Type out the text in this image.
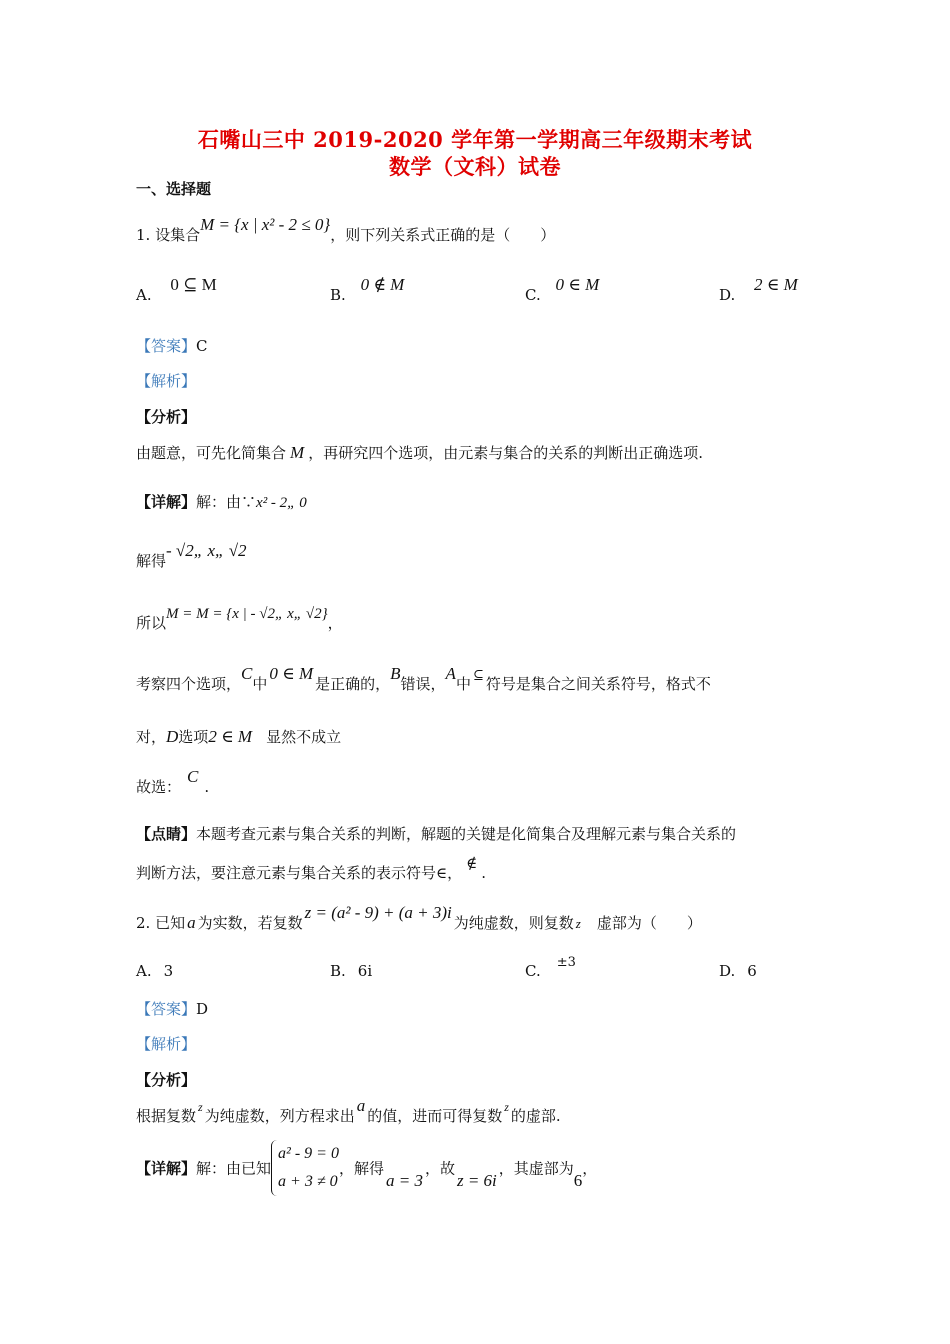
石嘴山三中 2019-2020 学年第一学期高三年级期末考试
数学（文科）试卷
一、选择题
1. 设集合M = {x | x² - 2 ≤ 0}，则下列关系式正确的是（　　）
A. 0 ⊆ M
B. 0 ∉ M
C. 0 ∈ M
D. 2 ∈ M
【答案】C
【解析】
【分析】
由题意，可先化简集合 M ，再研究四个选项，由元素与集合的关系的判断出正确选项.
【详解】解：由∵x² - 2„ 0
解得- √2„ x„ √2
所以M = M = {x | - √2„ x„ √2}，
考察四个选项，C中0 ∈ M是正确的，B错误，A中 ⊆ 符号是集合之间关系符号，格式不
对，D选项2 ∈ M 显然不成立
故选：C.
【点睛】本题考查元素与集合关系的判断，解题的关键是化简集合及理解元素与集合关系的
判断方法，要注意元素与集合关系的表示符号∈，∉.
2. 已知 a 为实数，若复数z = (a² - 9) + (a + 3)i为纯虚数，则复数 z 虚部为（　　）
A. 3	B. 6i	C. ±3	D. 6
【答案】D
【解析】
【分析】
根据复数 $^z$ 为纯虚数，列方程求出a的值，进而可得复数 $^z$ 的虚部.
【详解】解：由已知
a² - 9 = 0
a + 3 ≠ 0
，解得a = 3，故z = 6i，其虚部为6，
